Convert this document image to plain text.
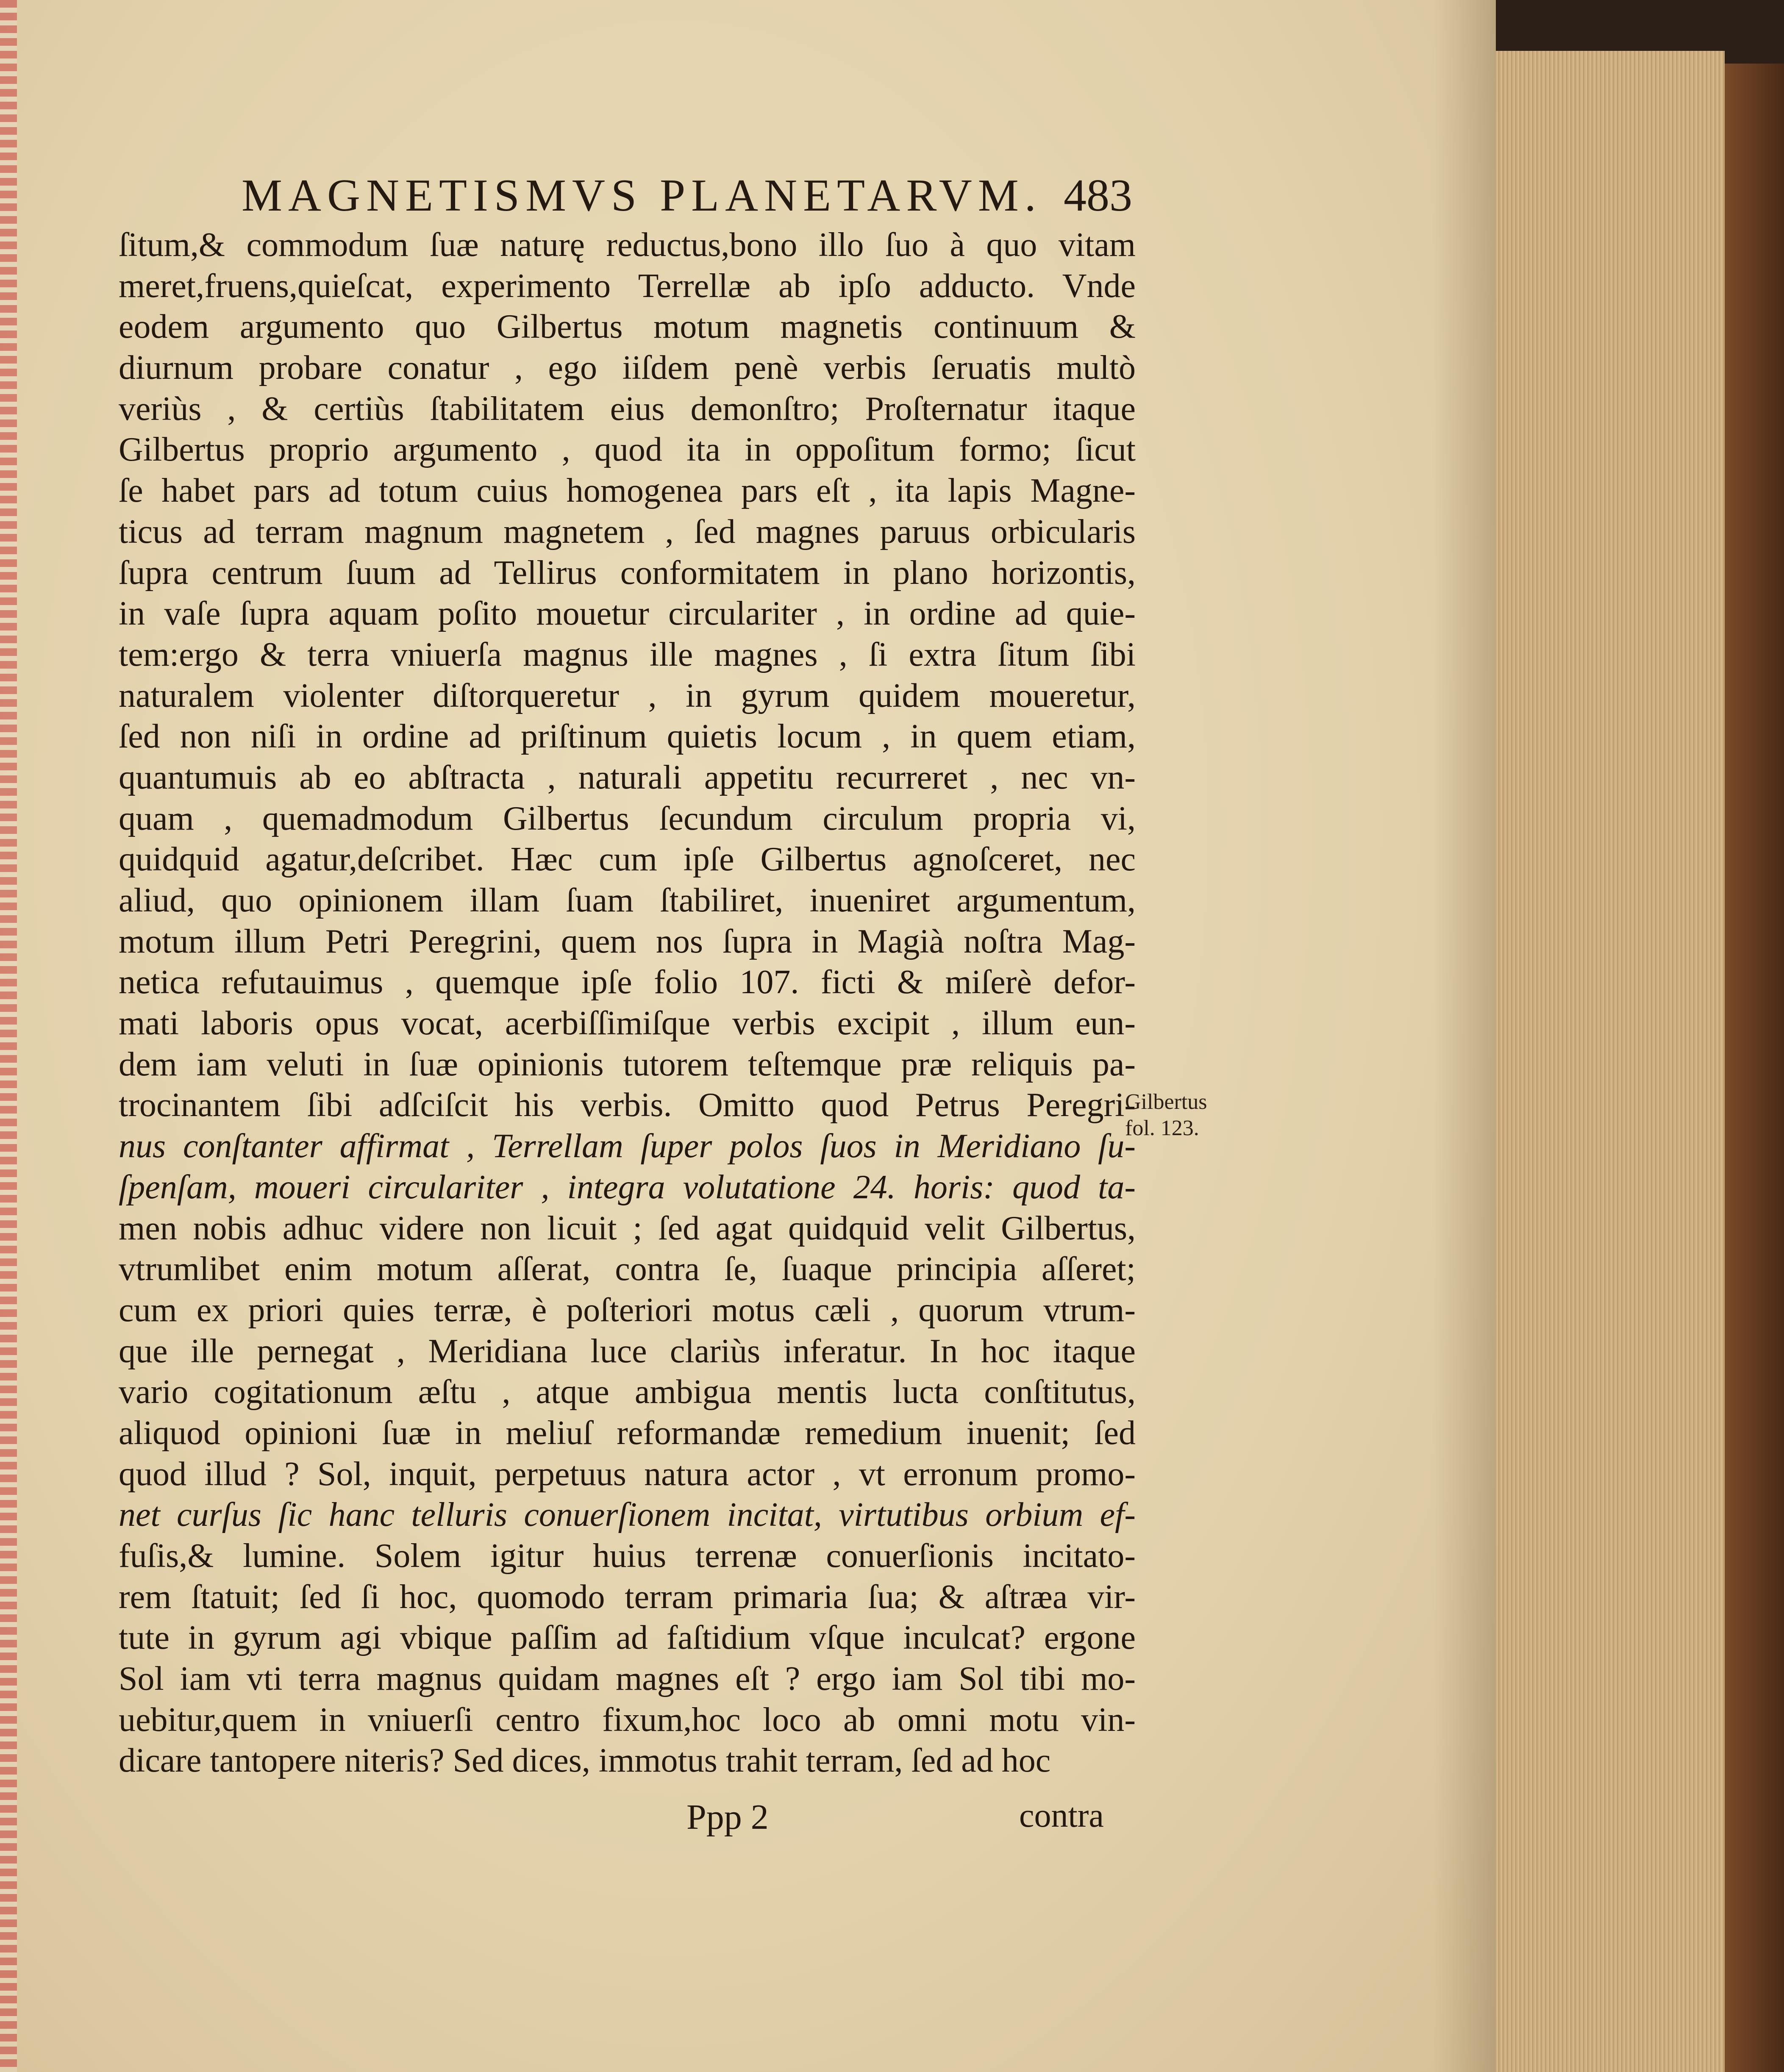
MAGNETISMVS PLANETARVM. 483
ſitum,& commodum ſuæ naturę reductus,bono illo ſuo à quo vitam
meret,fruens,quieſcat, experimento Terrellæ ab ipſo adducto. Vnde
eodem argumento quo Gilbertus motum magnetis continuum &
diurnum probare conatur , ego iiſdem penè verbis ſeruatis multò
veriùs , & certiùs ſtabilitatem eius demonſtro; Proſternatur itaque
Gilbertus proprio argumento , quod ita in oppoſitum formo; ſicut
ſe habet pars ad totum cuius homogenea pars eſt , ita lapis Magne-
ticus ad terram magnum magnetem , ſed magnes paruus orbicularis
ſupra centrum ſuum ad Tellirus conformitatem in plano horizontis,
in vaſe ſupra aquam poſito mouetur circulariter , in ordine ad quie-
tem:ergo & terra vniuerſa magnus ille magnes , ſi extra ſitum ſibi
naturalem violenter diſtorqueretur , in gyrum quidem moueretur,
ſed non niſi in ordine ad priſtinum quietis locum , in quem etiam,
quantumuis ab eo abſtracta , naturali appetitu recurreret , nec vn-
quam , quemadmodum Gilbertus ſecundum circulum propria vi,
quidquid agatur,deſcribet. Hæc cum ipſe Gilbertus agnoſceret, nec
aliud, quo opinionem illam ſuam ſtabiliret, inueniret argumentum,
motum illum Petri Peregrini, quem nos ſupra in Magià noſtra Mag-
netica refutauimus , quemque ipſe folio 107. ficti & miſerè defor-
mati laboris opus vocat, acerbiſſimiſque verbis excipit , illum eun-
dem iam veluti in ſuæ opinionis tutorem teſtemque præ reliquis pa-
trocinantem ſibi adſciſcit his verbis. Omitto quod Petrus Peregri-
nus conſtanter affirmat , Terrellam ſuper polos ſuos in Meridiano ſu-
ſpenſam, moueri circulariter , integra volutatione 24. horis: quod ta-
men nobis adhuc videre non licuit ; ſed agat quidquid velit Gilbertus,
vtrumlibet enim motum aſſerat, contra ſe, ſuaque principia aſſeret;
cum ex priori quies terræ, è poſteriori motus cæli , quorum vtrum-
que ille pernegat , Meridiana luce clariùs inferatur. In hoc itaque
vario cogitationum æſtu , atque ambigua mentis lucta conſtitutus,
aliquod opinioni ſuæ in meliuſ reformandæ remedium inuenit; ſed
quod illud ? Sol, inquit, perpetuus natura actor , vt erronum promo-
net curſus ſic hanc telluris conuerſionem incitat, virtutibus orbium ef-
fuſis,& lumine. Solem igitur huius terrenæ conuerſionis incitato-
rem ſtatuit; ſed ſi hoc, quomodo terram primaria ſua; & aſtræa vir-
tute in gyrum agi vbique paſſim ad faſtidium vſque inculcat? ergone
Sol iam vti terra magnus quidam magnes eſt ? ergo iam Sol tibi mo-
uebitur,quem in vniuerſi centro fixum,hoc loco ab omni motu vin-
dicare tantopere niteris? Sed dices, immotus trahit terram, ſed ad hoc
Gilbertus
fol. 123.
Ppp 2	contra
